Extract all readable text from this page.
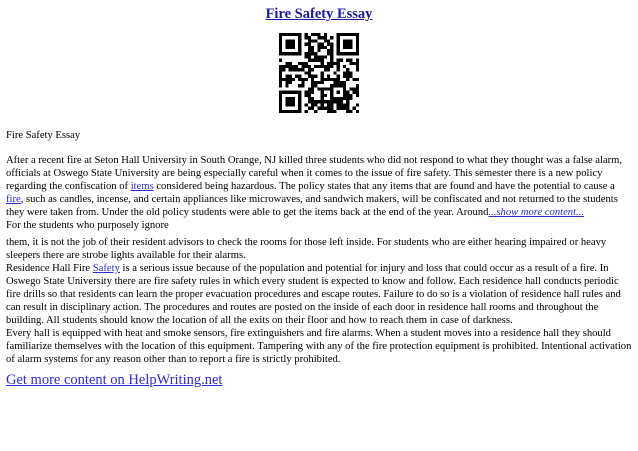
Fire Safety Essay
Fire Safety Essay
After a recent fire at Seton Hall University in South Orange, NJ killed three students who did not respond to what they thought was a false alarm, officials at Oswego State University are being especially careful when it comes to the issue of fire safety. This semester there is a new policy regarding the confiscation of items considered being hazardous. The policy states that any items that are found and have the potential to cause a fire, such as candles, incense, and certain appliances like microwaves, and sandwich makers, will be confiscated and not returned to the students they were taken from. Under the old policy students were able to get the items back at the end of the year. Around...show more content...
For the students who purposely ignore
them, it is not the job of their resident advisors to check the rooms for those left inside. For students who are either hearing impaired or heavy sleepers there are strobe lights available for their alarms.
Residence Hall Fire Safety is a serious issue because of the population and potential for injury and loss that could occur as a result of a fire. In Oswego State University there are fire safety rules in which every student is expected to know and follow. Each residence hall conducts periodic fire drills so that residents can learn the proper evacuation procedures and escape routes. Failure to do so is a violation of residence hall rules and can result in disciplinary action. The procedures and routes are posted on the inside of each door in residence hall rooms and throughout the building. All students should know the location of all the exits on their floor and how to reach them in case of darkness.
Every hall is equipped with heat and smoke sensors, fire extinguishers and fire alarms. When a student moves into a residence hall they should familiarize themselves with the location of this equipment. Tampering with any of the fire protection equipment is prohibited. Intentional activation of alarm systems for any reason other than to report a fire is strictly prohibited.
Get more content on HelpWriting.net
